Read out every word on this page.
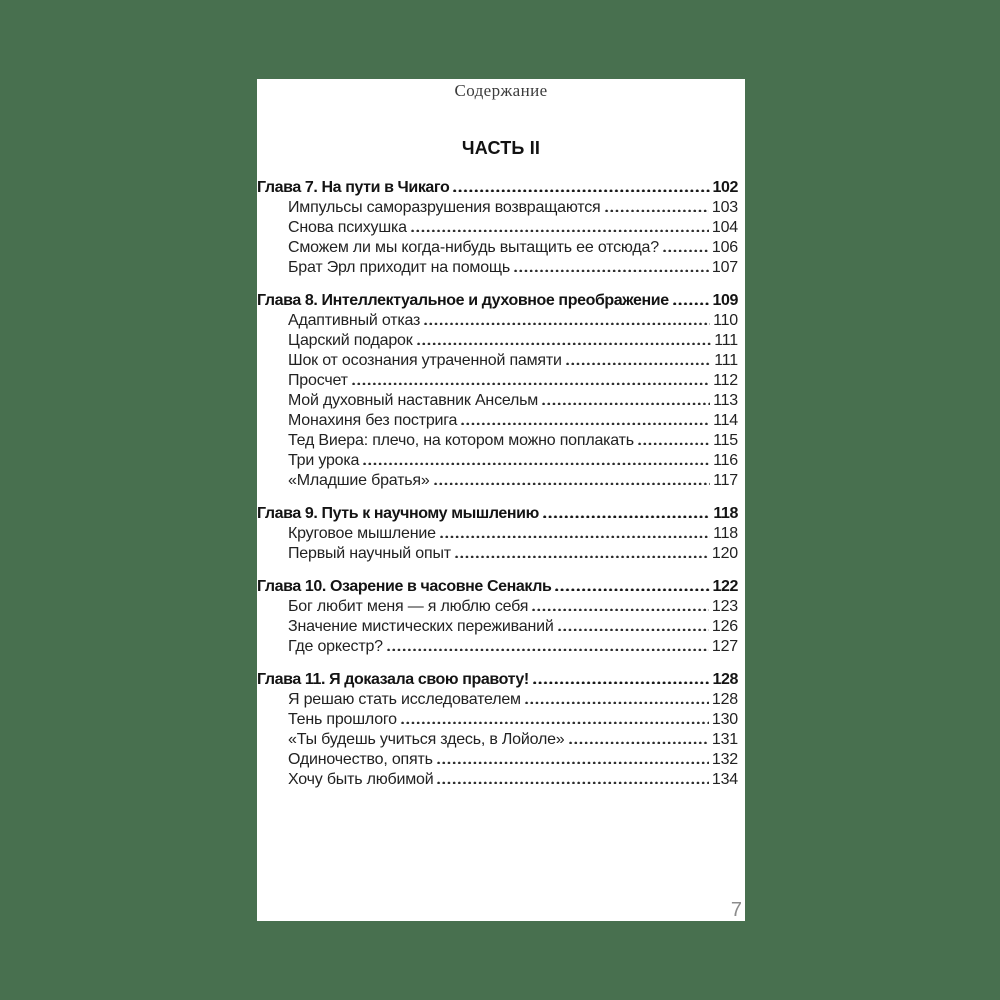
Содержание
ЧАСТЬ II
Глава 7. На пути в Чикаго	102
Импульсы саморазрушения возвращаются	103
Снова психушка	104
Сможем ли мы когда-нибудь вытащить ее отсюда?	106
Брат Эрл приходит на помощь	107
Глава 8. Интеллектуальное и духовное преображение	109
Адаптивный отказ	110
Царский подарок	111
Шок от осознания утраченной памяти	111
Просчет	112
Мой духовный наставник Ансельм	113
Монахиня без пострига	114
Тед Виера: плечо, на котором можно поплакать	115
Три урока	116
«Младшие братья»	117
Глава 9. Путь к научному мышлению	118
Круговое мышление	118
Первый научный опыт	120
Глава 10. Озарение в часовне Сенакль	122
Бог любит меня — я люблю себя	123
Значение мистических переживаний	126
Где оркестр?	127
Глава 11. Я доказала свою правоту!	128
Я решаю стать исследователем	128
Тень прошлого	130
«Ты будешь учиться здесь, в Лойоле»	131
Одиночество, опять	132
Хочу быть любимой	134
7
